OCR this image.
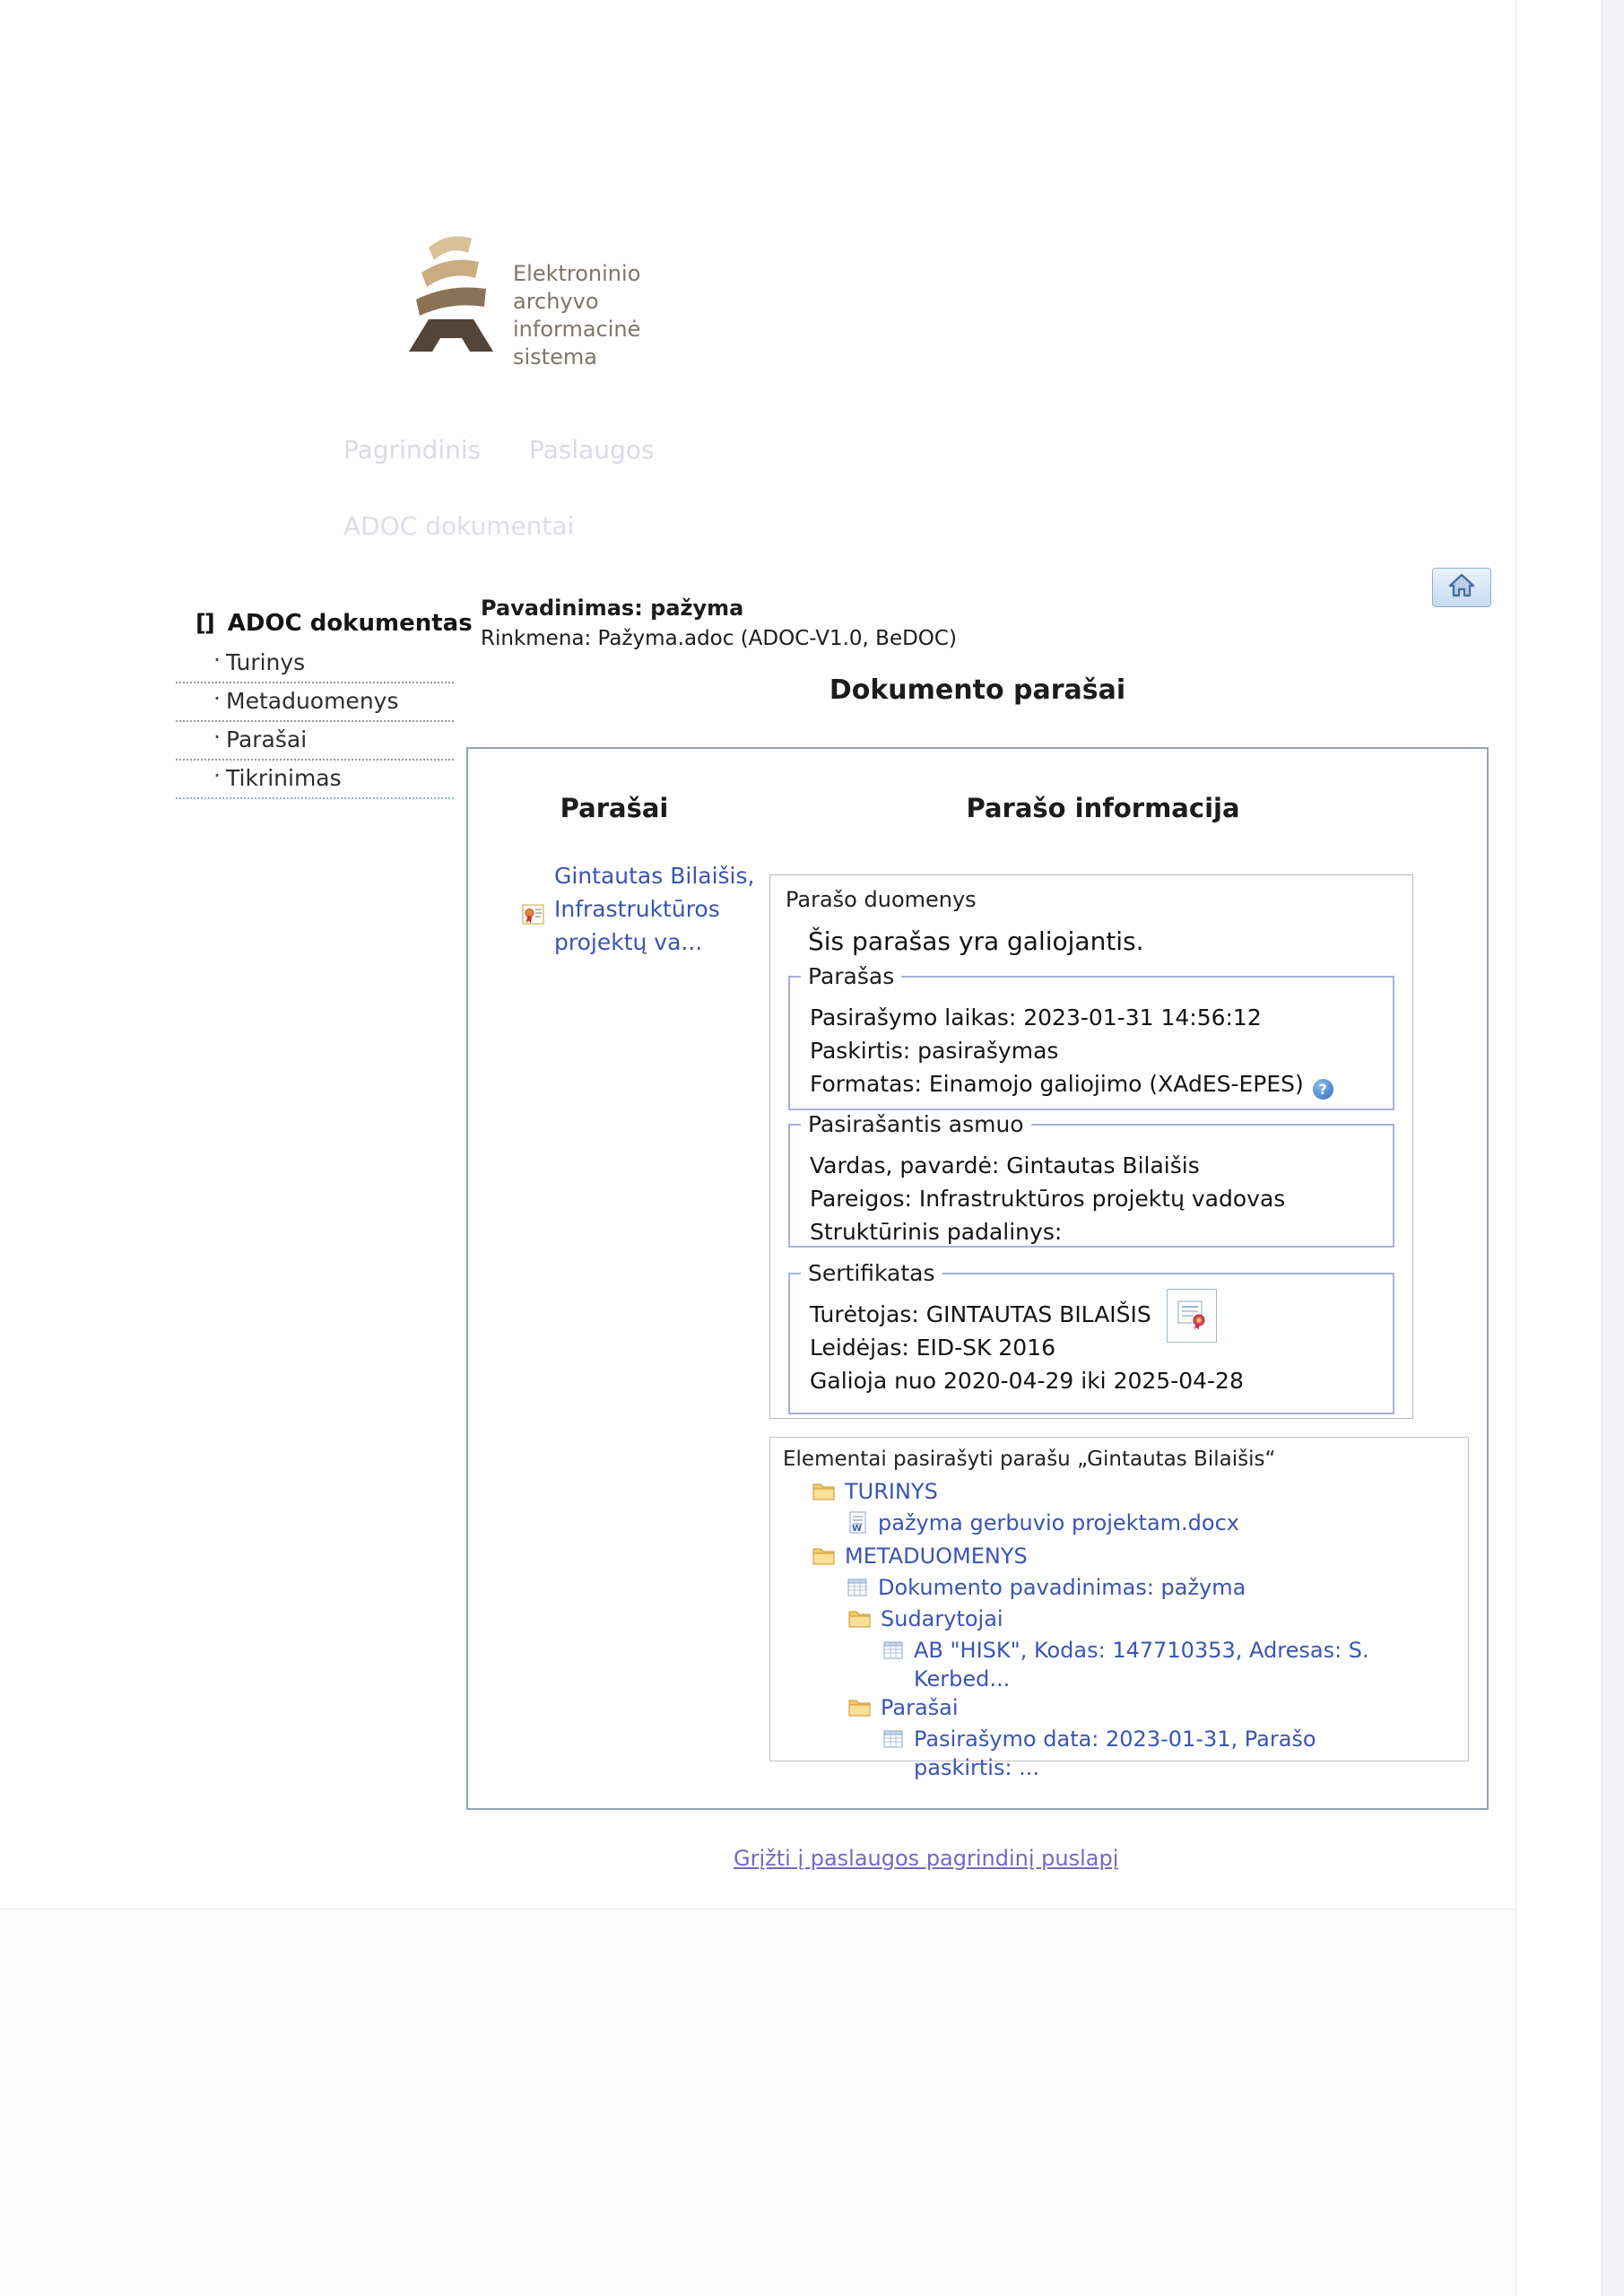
Elektroninio
archyvo
informacinė
sistema
Pagrindinis Paslaugos
ADOC dokumentai
[] ADOC dokumentas
· Turinys
· Metaduomenys
· Parašai
· Tikrinimas
Pavadinimas: pažyma
Rinkmena: Pažyma.adoc (ADOC-V1.0, BeDOC)
Dokumento parašai
Parašai	Parašo informacija
Gintautas Bilaišis, Infrastruktūros projektų va...
Parašo duomenys
Šis parašas yra galiojantis.
Parašas
Pasirašymo laikas: 2023-01-31 14:56:12
Paskirtis: pasirašymas
Formatas: Einamojo galiojimo (XAdES-EPES) ?
Pasirašantis asmuo
Vardas, pavardė: Gintautas Bilaišis
Pareigos: Infrastruktūros projektų vadovas
Struktūrinis padalinys:
Sertifikatas
Turėtojas: GINTAUTAS BILAIŠIS
Leidėjas: EID-SK 2016
Galioja nuo 2020-04-29 iki 2025-04-28
Elementai pasirašyti parašu „Gintautas Bilaišis“
TURINYS
W pažyma gerbuvio projektam.docx
METADUOMENYS
Dokumento pavadinimas: pažyma
Sudarytojai
AB "HISK", Kodas: 147710353, Adresas: S. Kerbed...
Parašai
Pasirašymo data: 2023-01-31, Parašo paskirtis: ...
Grįžti į paslaugos pagrindinį puslapį
